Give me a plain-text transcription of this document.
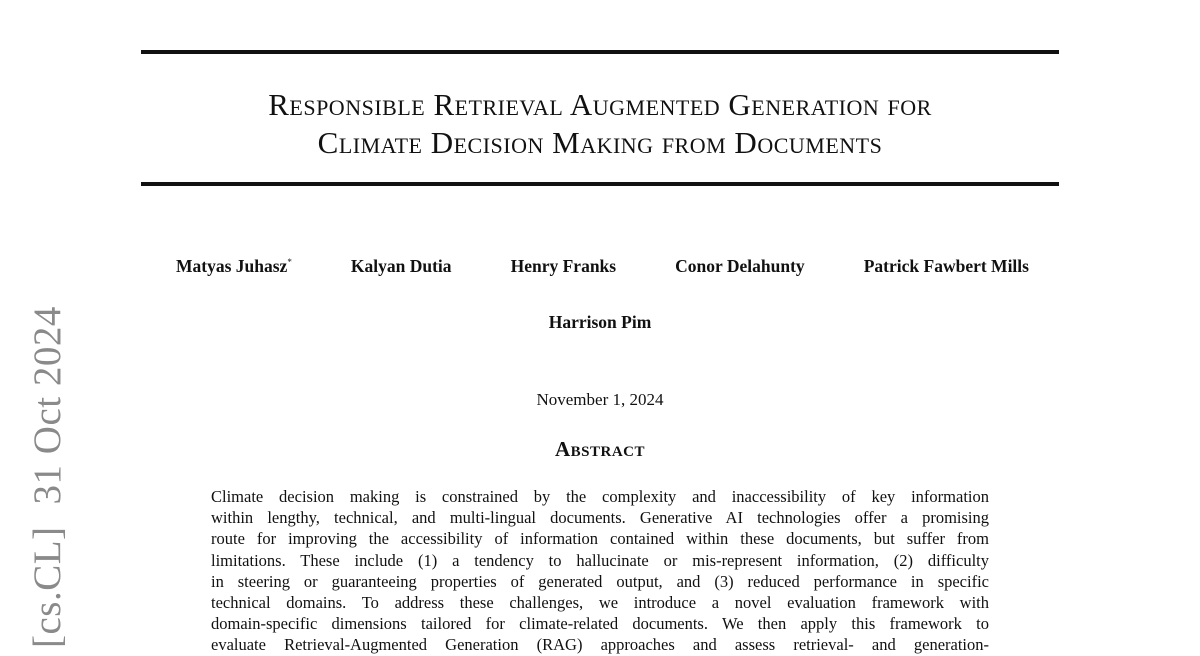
Responsible Retrieval Augmented Generation for
Climate Decision Making from Documents
Matyas Juhasz*	Kalyan Dutia	Henry Franks	Conor Delahunty	Patrick Fawbert Mills
Harrison Pim
November 1, 2024
Abstract
Climate decision making is constrained by the complexity and inaccessibility of key information
within lengthy, technical, and multi-lingual documents. Generative AI technologies offer a promising
route for improving the accessibility of information contained within these documents, but suffer from
limitations. These include (1) a tendency to hallucinate or mis-represent information, (2) difficulty
in steering or guaranteeing properties of generated output, and (3) reduced performance in specific
technical domains. To address these challenges, we introduce a novel evaluation framework with
domain-specific dimensions tailored for climate-related documents. We then apply this framework to
evaluate Retrieval-Augmented Generation (RAG) approaches and assess retrieval- and generation-
[cs.CL]31 Oct 2024
